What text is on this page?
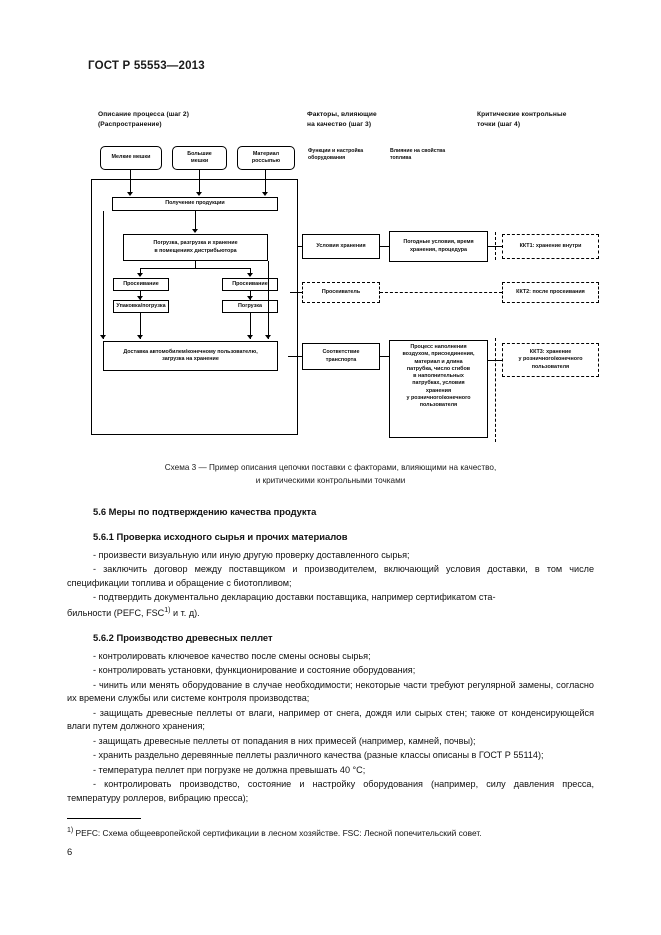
ГОСТ Р 55553—2013
Описание процесса (шаг 2)
(Распространение)
Факторы, влияющие
на качество (шаг 3)
Критические контрольные
точки (шаг 4)
Функции и настройка
оборудования
Влияние на свойства
топлива
Мелкие мешки
Большие
мешки
Материал
россыпью
Получение продукции
Погрузка, разгрузка и хранение
в помещениях дистрибьютора
Просеивание	Просеивание
Упаковка/погрузка	Погрузка
Доставка автомобилем/конечному пользователю,
загрузка на хранение
Условия хранения
Погодные условия, время
хранения, процедура
Просеиватель
Соответствие
транспорта
Процесс наполнения
воздухом, присоединения,
материал и длина
патрубка, число сгибов
в наполнительных
патрубках, условия
хранения
у розничного/конечного
пользователя
ККТ1: хранение внутри
ККТ2: после просеивания
ККТ3: хранение
у розничного/конечного
пользователя
Схема 3 — Пример описания цепочки поставки с факторами, влияющими на качество,
и критическими контрольными точками
5.6 Меры по подтверждению качества продукта
5.6.1 Проверка исходного сырья и прочих материалов

- произвести визуальную или иную другую проверку доставленного сырья;

- заключить договор между поставщиком и производителем, включающий условия доставки, в том числе спецификации топлива и обращение с биотопливом;

- подтвердить документально декларацию доставки поставщика, например сертификатом ста-

бильности (PEFC, FSC$^{1)}$ и т. д).

5.6.2 Производство древесных пеллет

- контролировать ключевое качество после смены основы сырья;

- контролировать установки, функционирование и состояние оборудования;

- чинить или менять оборудование в случае необходимости; некоторые части требуют регулярной замены, согласно их времени службы или системе контроля производства;

- защищать древесные пеллеты от влаги, например от снега, дождя или сырых стен; также от конденсирующейся влаги путем должного хранения;

- защищать древесные пеллеты от попадания в них примесей (например, камней, почвы);

- хранить раздельно деревянные пеллеты различного качества (разные классы описаны в ГОСТ Р 55114);

- температура пеллет при погрузке не должна превышать 40 °С;

- контролировать производство, состояние и настройку оборудования (например, силу давления пресса, температуру роллеров, вибрацию пресса);

$^{1)}$ PEFC: Схема общеевропейской сертификации в лесном хозяйстве. FSC: Лесной попечительский совет.
6
